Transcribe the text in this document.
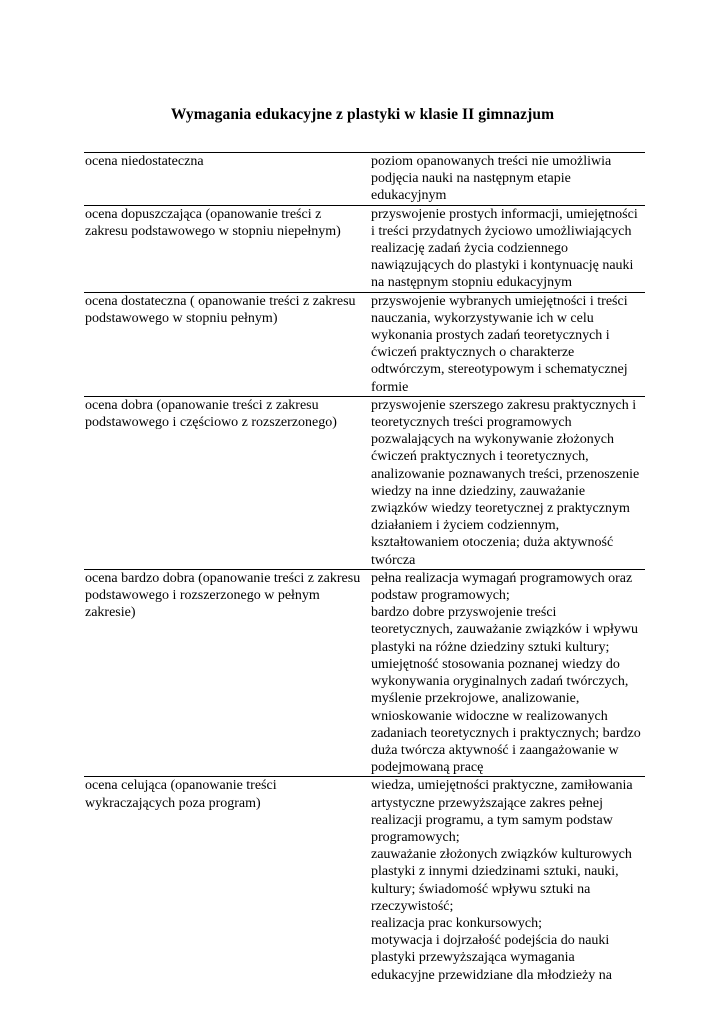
Wymagania edukacyjne z plastyki w klasie II gimnazjum
ocena niedostateczna	poziom opanowanych treści nie umożliwia podjęcia nauki na następnym etapie edukacyjnym

ocena dopuszczająca (opanowanie treści z zakresu podstawowego w stopniu niepełnym)	przyswojenie prostych informacji, umiejętności i treści przydatnych życiowo umożliwiających realizację zadań życia codziennego nawiązujących do plastyki i kontynuację nauki na następnym stopniu edukacyjnym

ocena dostateczna ( opanowanie treści z zakresu podstawowego w stopniu pełnym)	przyswojenie wybranych umiejętności i treści nauczania, wykorzystywanie ich w celu wykonania prostych zadań teoretycznych i ćwiczeń praktycznych o charakterze odtwórczym, stereotypowym i schematycznej formie

ocena dobra (opanowanie treści z zakresu podstawowego i częściowo z rozszerzonego)	przyswojenie szerszego zakresu praktycznych i teoretycznych treści programowych pozwalających na wykonywanie złożonych ćwiczeń praktycznych i teoretycznych, analizowanie poznawanych treści, przenoszenie wiedzy na inne dziedziny, zauważanie związków wiedzy teoretycznej z praktycznym działaniem i życiem codziennym, kształtowaniem otoczenia; duża aktywność twórcza

ocena bardzo dobra (opanowanie treści z zakresu podstawowego i rozszerzonego w pełnym zakresie)	pełna realizacja wymagań programowych oraz podstaw programowych;
bardzo dobre przyswojenie treści teoretycznych, zauważanie związków i wpływu plastyki na różne dziedziny sztuki kultury; umiejętność stosowania poznanej wiedzy do wykonywania oryginalnych zadań twórczych, myślenie przekrojowe, analizowanie, wnioskowanie widoczne w realizowanych zadaniach teoretycznych i praktycznych; bardzo duża twórcza aktywność i zaangażowanie w podejmowaną pracę

ocena celująca (opanowanie treści wykraczających poza program)	wiedza, umiejętności praktyczne, zamiłowania artystyczne przewyższające zakres pełnej realizacji programu, a tym samym podstaw programowych;
zauważanie złożonych związków kulturowych plastyki z innymi dziedzinami sztuki, nauki, kultury; świadomość wpływu sztuki na rzeczywistość;
realizacja prac konkursowych;
motywacja i dojrzałość podejścia do nauki plastyki przewyższająca wymagania edukacyjne przewidziane dla młodzieży na
